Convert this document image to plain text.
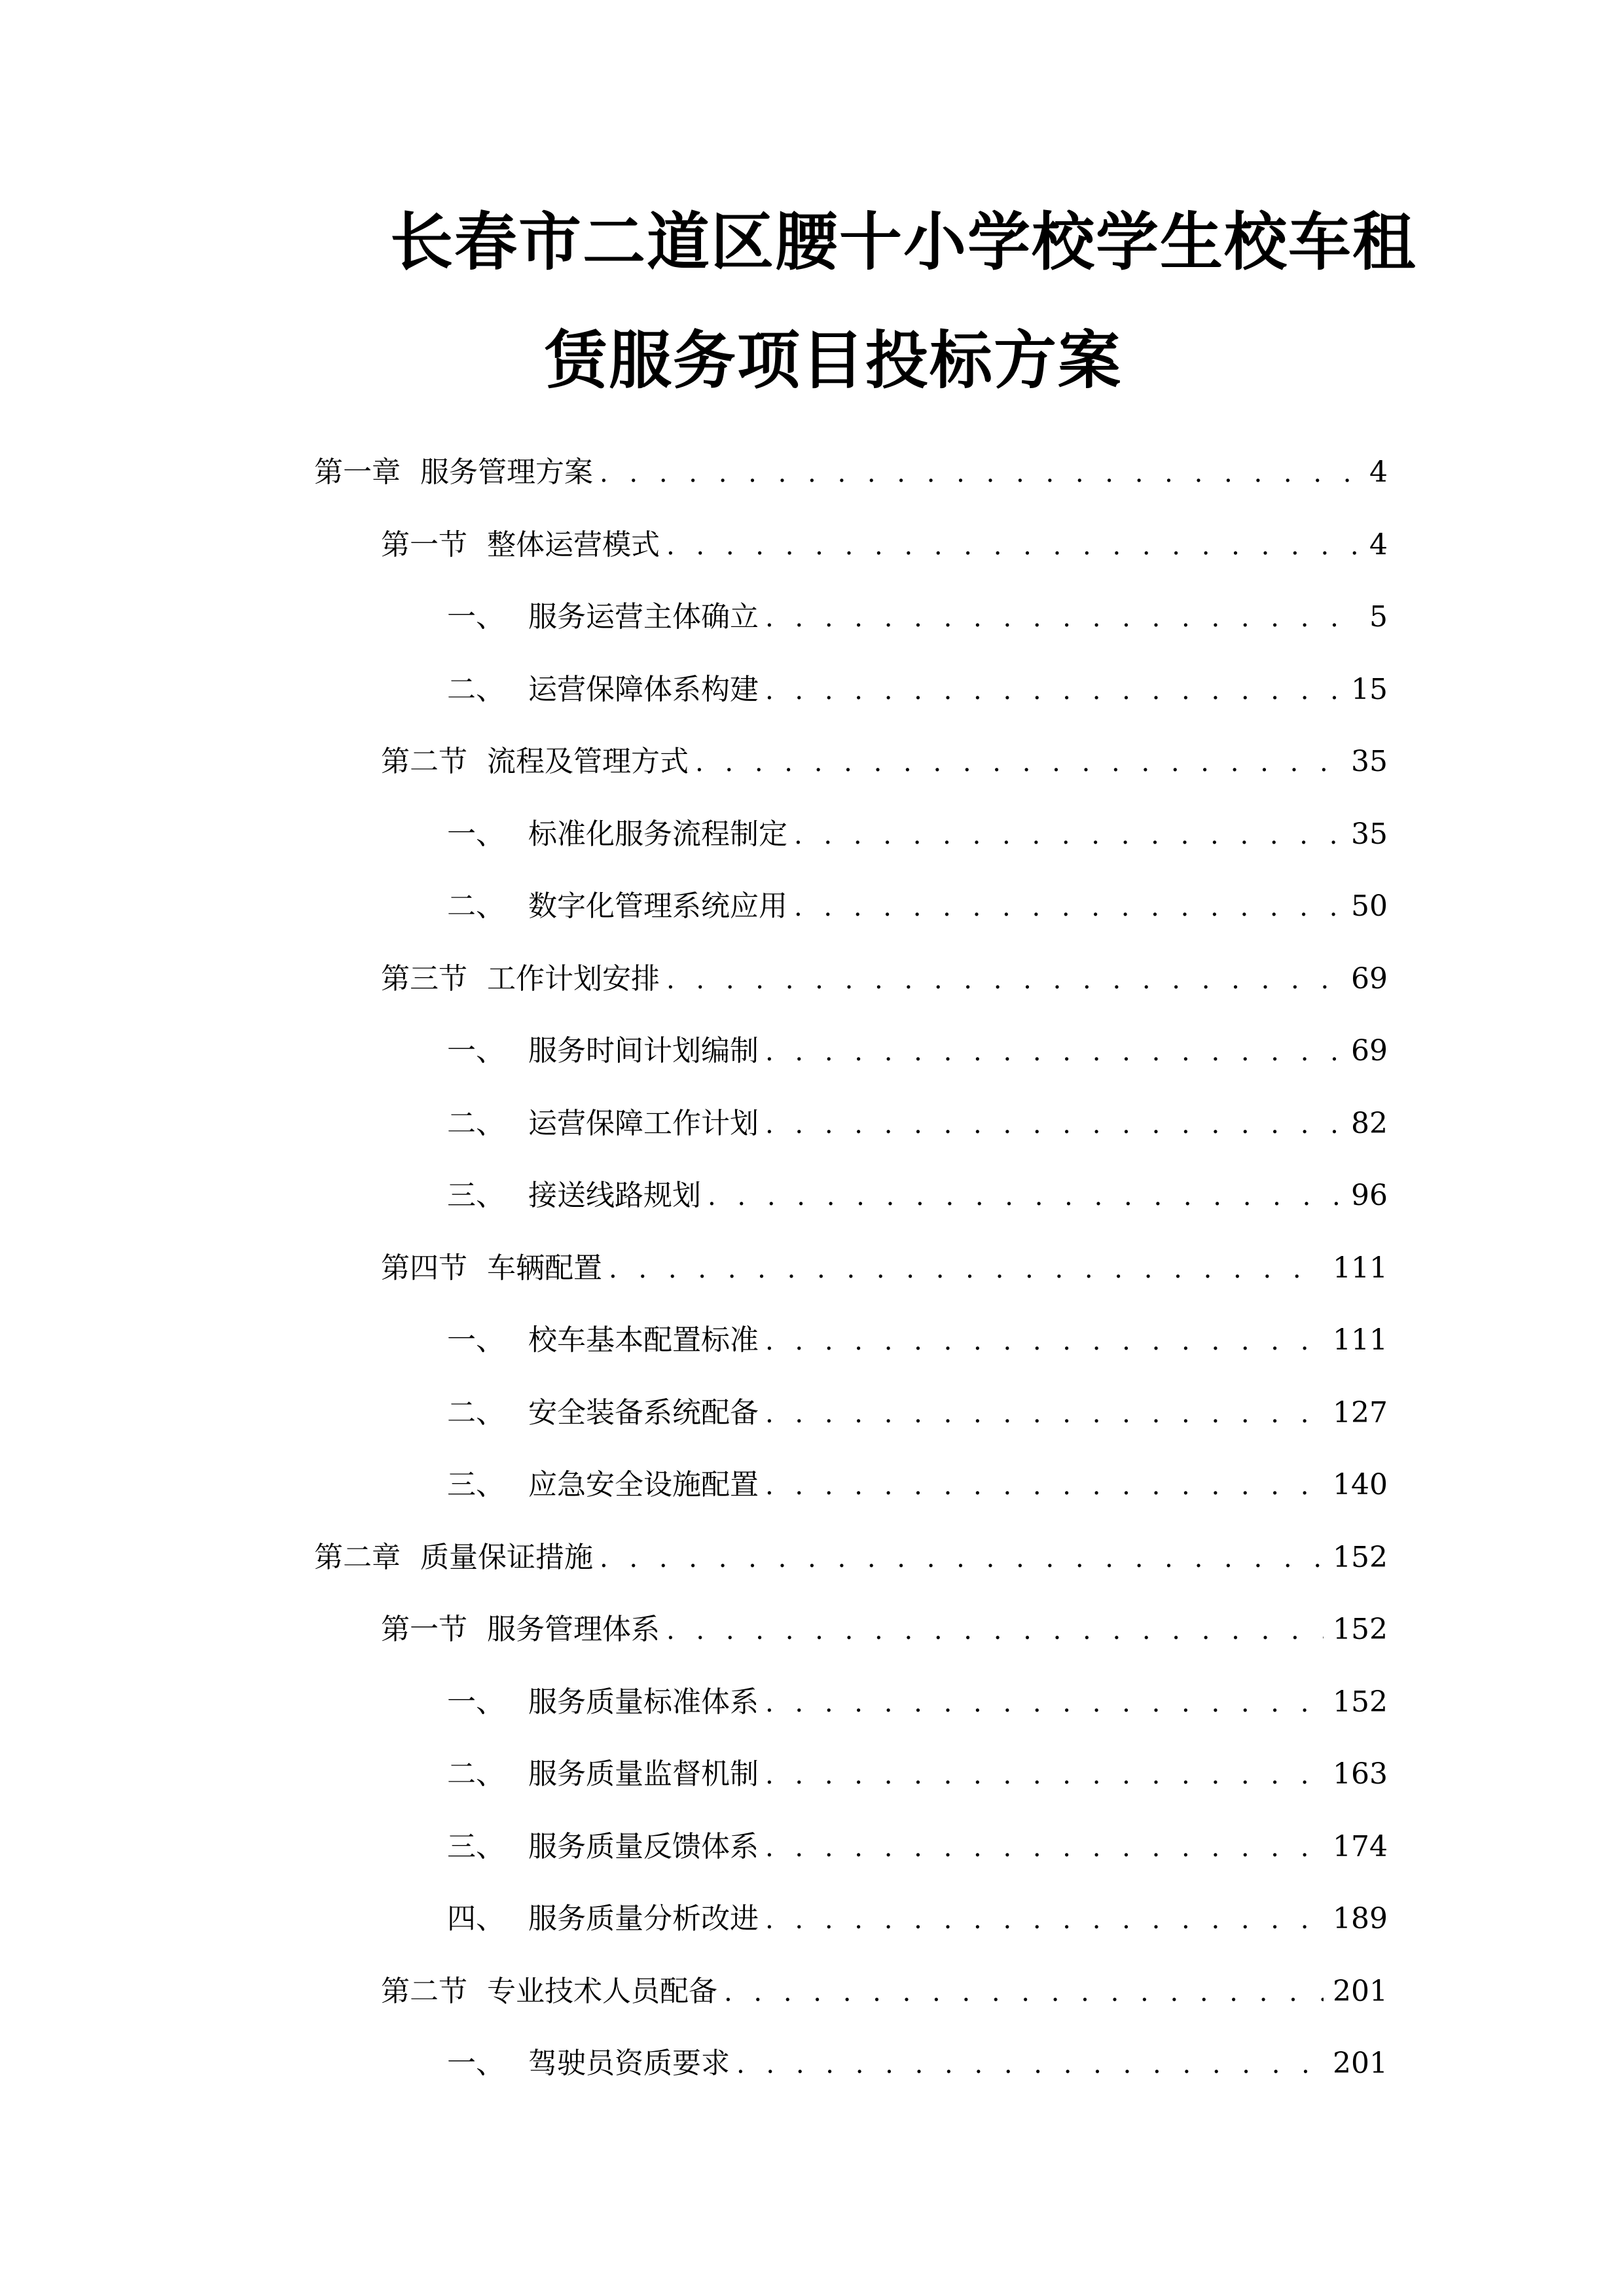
长春市二道区腰十小学校学生校车租
赁服务项目投标方案
第一章 服务管理方案 . . .	4
第一节 整体运营模式 . . .	4
一、 服务运营主体确立 . . .	5
二、 运营保障体系构建 . . .	15
第二节 流程及管理方式 . . .	35
一、 标准化服务流程制定 . . .	35
二、 数字化管理系统应用 . . .	50
第三节 工作计划安排 . . .	69
一、 服务时间计划编制 . . .	69
二、 运营保障工作计划 . . .	82
三、 接送线路规划 . . .	96
第四节 车辆配置 . . .	111
一、 校车基本配置标准 . . .	111
二、 安全装备系统配备 . . .	127
三、 应急安全设施配置 . . .	140
第二章 质量保证措施 . . .	152
第一节 服务管理体系 . . .	152
一、 服务质量标准体系 . . .	152
二、 服务质量监督机制 . . .	163
三、 服务质量反馈体系 . . .	174
四、 服务质量分析改进 . . .	189
第二节 专业技术人员配备 . . .	201
一、 驾驶员资质要求 . . .	201
